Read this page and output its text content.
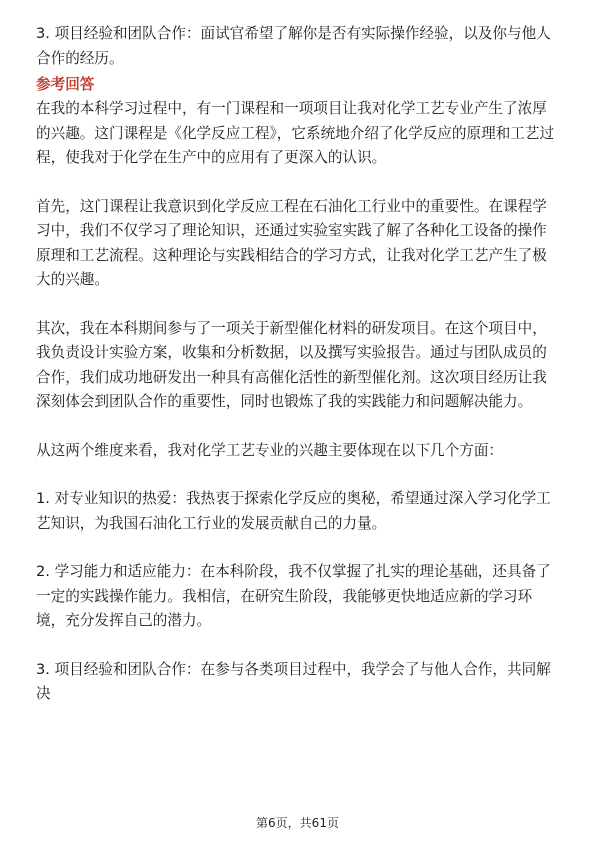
3. 项目经验和团队合作：面试官希望了解你是否有实际操作经验，以及你与他人合作的经历。

参考回答

在我的本科学习过程中，有一门课程和一项项目让我对化学工艺专业产生了浓厚的兴趣。这门课程是《化学反应工程》，它系统地介绍了化学反应的原理和工艺过程，使我对于化学在生产中的应用有了更深入的认识。

首先，这门课程让我意识到化学反应工程在石油化工行业中的重要性。在课程学习中，我们不仅学习了理论知识，还通过实验室实践了解了各种化工设备的操作原理和工艺流程。这种理论与实践相结合的学习方式，让我对化学工艺产生了极大的兴趣。

其次，我在本科期间参与了一项关于新型催化材料的研发项目。在这个项目中，我负责设计实验方案，收集和分析数据，以及撰写实验报告。通过与团队成员的合作，我们成功地研发出一种具有高催化活性的新型催化剂。这次项目经历让我深刻体会到团队合作的重要性，同时也锻炼了我的实践能力和问题解决能力。

从这两个维度来看，我对化学工艺专业的兴趣主要体现在以下几个方面：

1. 对专业知识的热爱：我热衷于探索化学反应的奥秘，希望通过深入学习化学工艺知识，为我国石油化工行业的发展贡献自己的力量。

2. 学习能力和适应能力：在本科阶段，我不仅掌握了扎实的理论基础，还具备了一定的实践操作能力。我相信，在研究生阶段，我能够更快地适应新的学习环境，充分发挥自己的潜力。

3. 项目经验和团队合作：在参与各类项目过程中，我学会了与他人合作，共同解决

第6页，共61页
